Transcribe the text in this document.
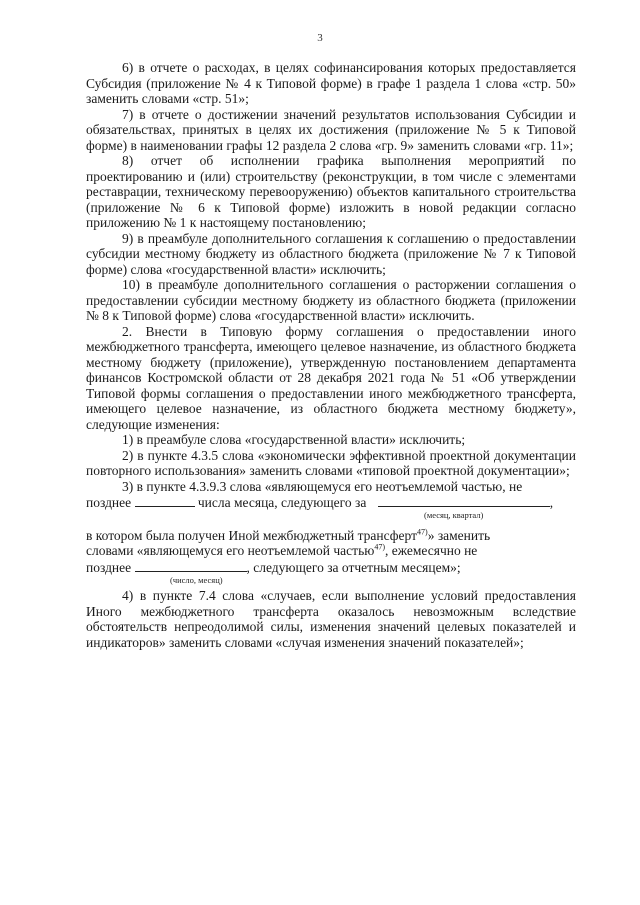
3

6) в отчете о расходах, в целях софинансирования которых предоставляется Субсидия (приложение № 4 к Типовой форме) в графе 1 раздела 1 слова «стр. 50» заменить словами «стр. 51»;

7) в отчете о достижении значений результатов использования Субсидии и обязательствах, принятых в целях их достижения (приложение № 5 к Типовой форме) в наименовании графы 12 раздела 2 слова «гр. 9» заменить словами «гр. 11»;

8) отчет об исполнении графика выполнения мероприятий по проектированию и (или) строительству (реконструкции, в том числе с элементами реставрации, техническому перевооружению) объектов капитального строительства (приложение № 6 к Типовой форме) изложить в новой редакции согласно приложению № 1 к настоящему постановлению;

9) в преамбуле дополнительного соглашения к соглашению о предоставлении субсидии местному бюджету из областного бюджета (приложение № 7 к Типовой форме) слова «государственной власти» исключить;

10) в преамбуле дополнительного соглашения о расторжении соглашения о предоставлении субсидии местному бюджету из областного бюджета (приложении № 8 к Типовой форме) слова «государственной власти» исключить.

2. Внести в Типовую форму соглашения о предоставлении иного межбюджетного трансферта, имеющего целевое назначение, из областного бюджета местному бюджету (приложение), утвержденную постановлением департамента финансов Костромской области от 28 декабря 2021 года № 51 «Об утверждении Типовой формы соглашения о предоставлении иного межбюджетного трансферта, имеющего целевое назначение, из областного бюджета местному бюджету», следующие изменения:

1) в преамбуле слова «государственной власти» исключить;

2) в пункте 4.3.5 слова «экономически эффективной проектной документации повторного использования» заменить словами «типовой проектной документации»;

3) в пункте 4.3.9.3 слова «являющемуся его неотъемлемой частью, не

позднее	числа месяца, следующего за	,
(месяц, квартал)
в котором была получен Иной межбюджетный трансферт$^{47)}$» заменить
словами «являющемуся его неотъемлемой частью$^{47)}$, ежемесячно не
позднее	, следующего за отчетным месяцем»;
(число, месяц)

4) в пункте 7.4 слова «случаев, если выполнение условий предоставления Иного межбюджетного трансферта оказалось невозможным вследствие обстоятельств непреодолимой силы, изменения значений целевых показателей и индикаторов» заменить словами «случая изменения значений показателей»;
